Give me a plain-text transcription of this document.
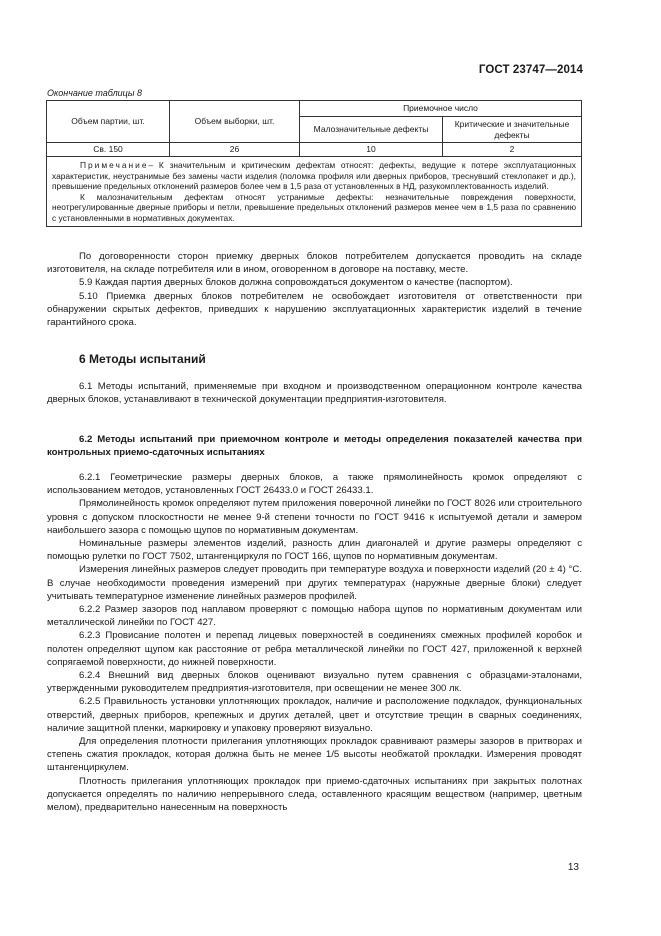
ГОСТ 23747—2014
Окончание таблицы 8
Объем партии, шт.	Объем выборки, шт.	Приемочное число	
		Малозначительные дефекты	Критические и значительные дефекты
Св. 150	26	10	2

Примечание– К значительным и критическим дефектам относят: дефекты, ведущие к потере эксплуатационных характеристик, неустранимые без замены части изделия (поломка профиля или дверных приборов, треснувший стеклопакет и др.), превышение предельных отклонений размеров более чем в 1,5 раза от установленных в НД, разукомплектованность изделий.

К малозначительным дефектам относят устранимые дефекты: незначительные повреждения поверхности, неотрегулированные дверные приборы и петли, превышение предельных отклонений размеров менее чем в 1,5 раза по сравнению с установленными в нормативных документах.			

По договоренности сторон приемку дверных блоков потребителем допускается проводить на складе изготовителя, на складе потребителя или в ином, оговоренном в договоре на поставку, месте.

5.9 Каждая партия дверных блоков должна сопровождаться документом о качестве (паспортом).

5.10 Приемка дверных блоков потребителем не освобождает изготовителя от ответственности при обнаружении скрытых дефектов, приведших к нарушению эксплуатационных характеристик изделий в течение гарантийного срока.

6 Методы испытаний

6.1 Методы испытаний, применяемые при входном и производственном операционном контроле качества дверных блоков, устанавливают в технической документации предприятия-изготовителя.

6.2 Методы испытаний при приемочном контроле и методы определения показателей качества при контрольных приемо-сдаточных испытаниях

6.2.1 Геометрические размеры дверных блоков, а также прямолинейность кромок определяют с использованием методов, установленных ГОСТ 26433.0 и ГОСТ 26433.1.

Прямолинейность кромок определяют путем приложения поверочной линейки по ГОСТ 8026 или строительного уровня с допуском плоскостности не менее 9-й степени точности по ГОСТ 9416 к испытуемой детали и замером наибольшего зазора с помощью щупов по нормативным документам.

Номинальные размеры элементов изделий, разность длин диагоналей и другие размеры определяют с помощью рулетки по ГОСТ 7502, штангенциркуля по ГОСТ 166, щупов по нормативным документам.

Измерения линейных размеров следует проводить при температуре воздуха и поверхности изделий (20 ± 4) °С. В случае необходимости проведения измерений при других температурах (наружные дверные блоки) следует учитывать температурное изменение линейных размеров профилей.

6.2.2 Размер зазоров под наплавом проверяют с помощью набора щупов по нормативным документам или металлической линейки по ГОСТ 427.

6.2.3 Провисание полотен и перепад лицевых поверхностей в соединениях смежных профилей коробок и полотен определяют щупом как расстояние от ребра металлической линейки по ГОСТ 427, приложенной к верхней сопрягаемой поверхности, до нижней поверхности.

6.2.4 Внешний вид дверных блоков оценивают визуально путем сравнения с образцами-эталонами, утвержденными руководителем предприятия-изготовителя, при освещении не менее 300 лк.

6.2.5 Правильность установки уплотняющих прокладок, наличие и расположение подкладок, функциональных отверстий, дверных приборов, крепежных и других деталей, цвет и отсутствие трещин в сварных соединениях, наличие защитной пленки, маркировку и упаковку проверяют визуально.

Для определения плотности прилегания уплотняющих прокладок сравнивают размеры зазоров в притворах и степень сжатия прокладок, которая должна быть не менее 1/5 высоты необжатой прокладки. Измерения проводят штангенциркулем.

Плотность прилегания уплотняющих прокладок при приемо-сдаточных испытаниях при закрытых полотнах допускается определять по наличию непрерывного следа, оставленного красящим веществом (например, цветным мелом), предварительно нанесенным на поверхность

13
